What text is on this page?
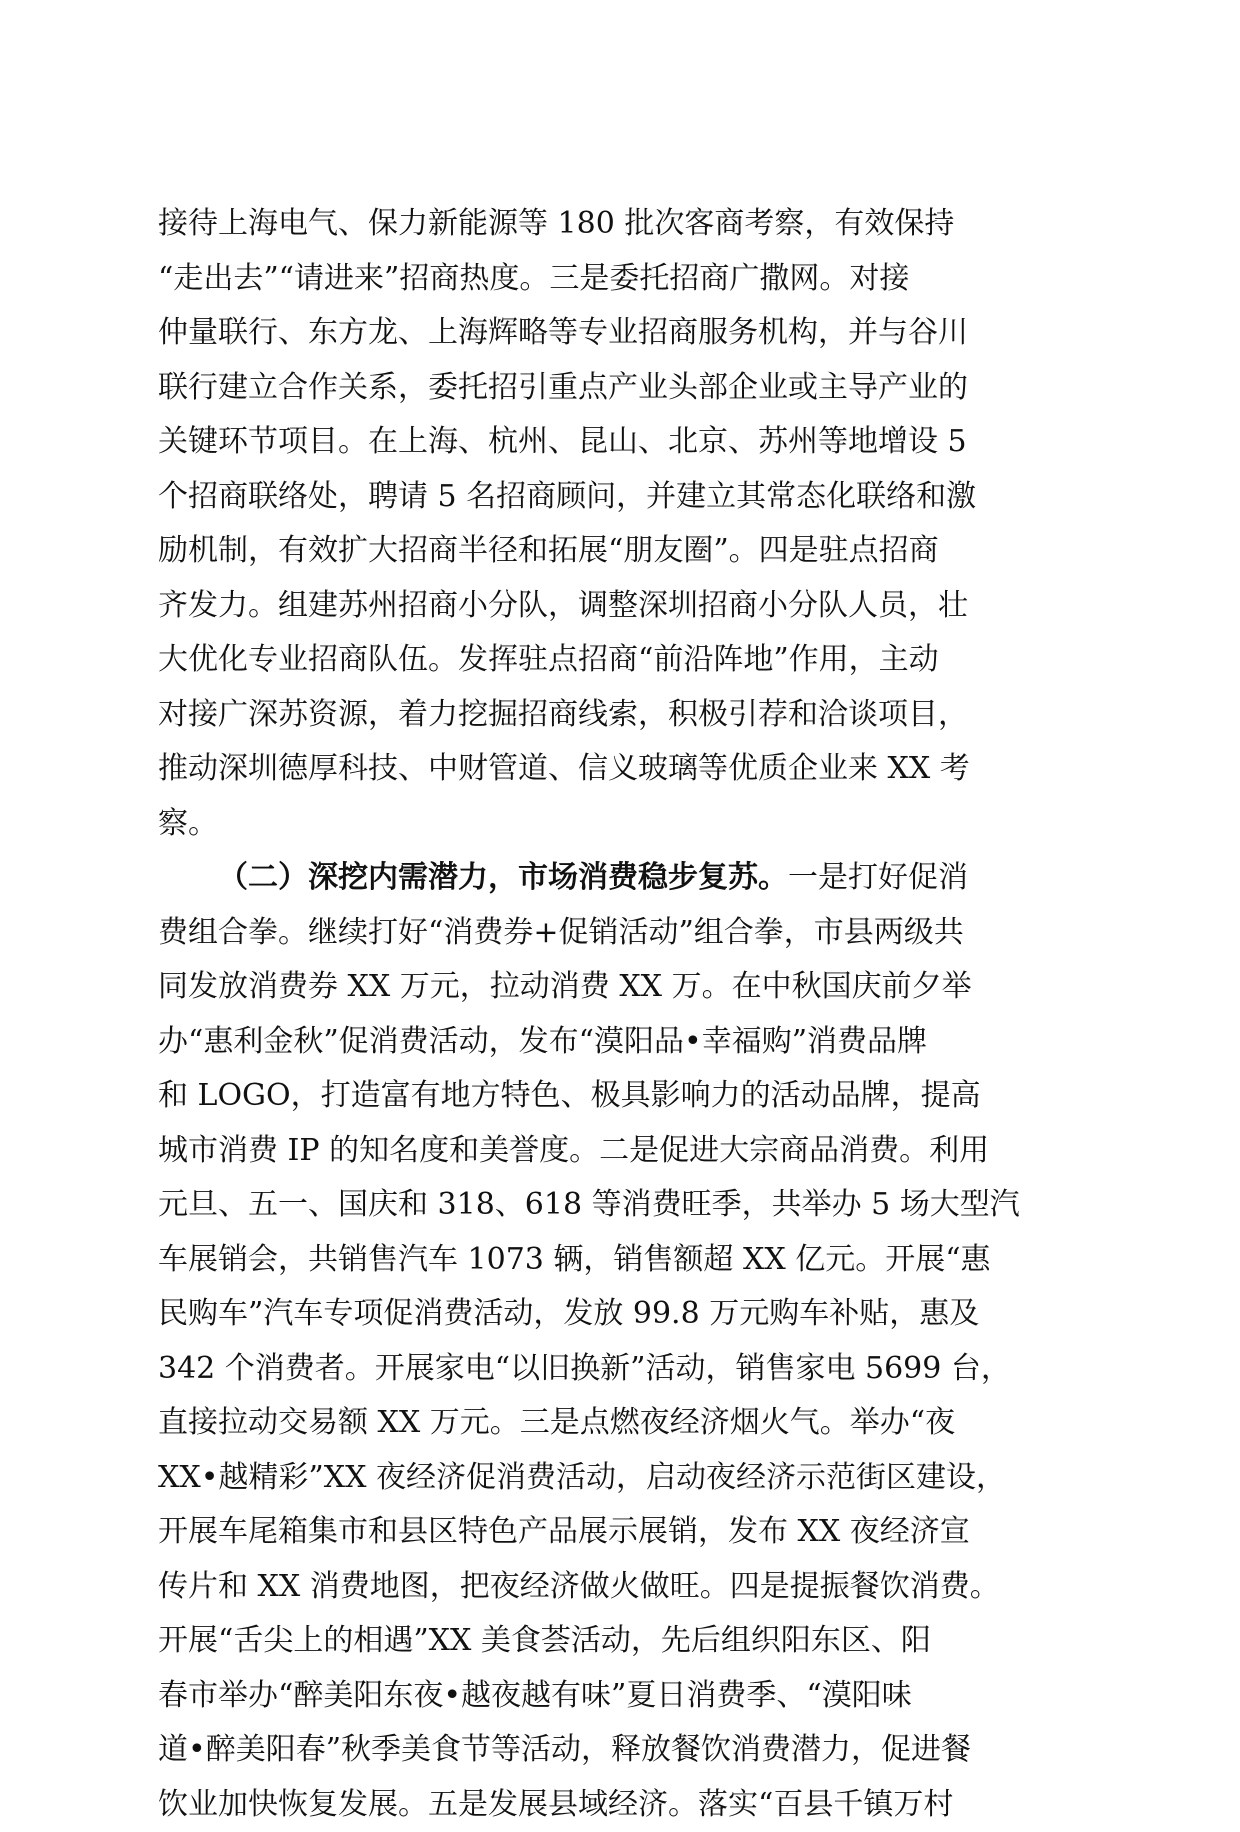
接待上海电气、保力新能源等 180 批次客商考察，有效保持
“走出去”“请进来”招商热度。三是委托招商广撒网。对接
仲量联行、东方龙、上海辉略等专业招商服务机构，并与谷川
联行建立合作关系，委托招引重点产业头部企业或主导产业的
关键环节项目。在上海、杭州、昆山、北京、苏州等地增设 5
个招商联络处，聘请 5 名招商顾问，并建立其常态化联络和激
励机制，有效扩大招商半径和拓展“朋友圈”。四是驻点招商
齐发力。组建苏州招商小分队，调整深圳招商小分队人员，壮
大优化专业招商队伍。发挥驻点招商“前沿阵地”作用，主动
对接广深苏资源，着力挖掘招商线索，积极引荐和洽谈项目，
推动深圳德厚科技、中财管道、信义玻璃等优质企业来 XX 考
察。
（二）深挖内需潜力，市场消费稳步复苏。一是打好促消
费组合拳。继续打好“消费券+促销活动”组合拳，市县两级共
同发放消费券 XX 万元，拉动消费 XX 万。在中秋国庆前夕举
办“惠利金秋”促消费活动，发布“漠阳品•幸福购”消费品牌
和 LOGO，打造富有地方特色、极具影响力的活动品牌，提高
城市消费 IP 的知名度和美誉度。二是促进大宗商品消费。利用
元旦、五一、国庆和 318、618 等消费旺季，共举办 5 场大型汽
车展销会，共销售汽车 1073 辆，销售额超 XX 亿元。开展“惠
民购车”汽车专项促消费活动，发放 99.8 万元购车补贴，惠及
342 个消费者。开展家电“以旧换新”活动，销售家电 5699 台，
直接拉动交易额 XX 万元。三是点燃夜经济烟火气。举办“夜
XX•越精彩”XX 夜经济促消费活动，启动夜经济示范街区建设，
开展车尾箱集市和县区特色产品展示展销，发布 XX 夜经济宣
传片和 XX 消费地图，把夜经济做火做旺。四是提振餐饮消费。
开展“舌尖上的相遇”XX 美食荟活动，先后组织阳东区、阳
春市举办“醉美阳东夜•越夜越有味”夏日消费季、“漠阳味
道•醉美阳春”秋季美食节等活动，释放餐饮消费潜力，促进餐
饮业加快恢复发展。五是发展县域经济。落实“百县千镇万村
